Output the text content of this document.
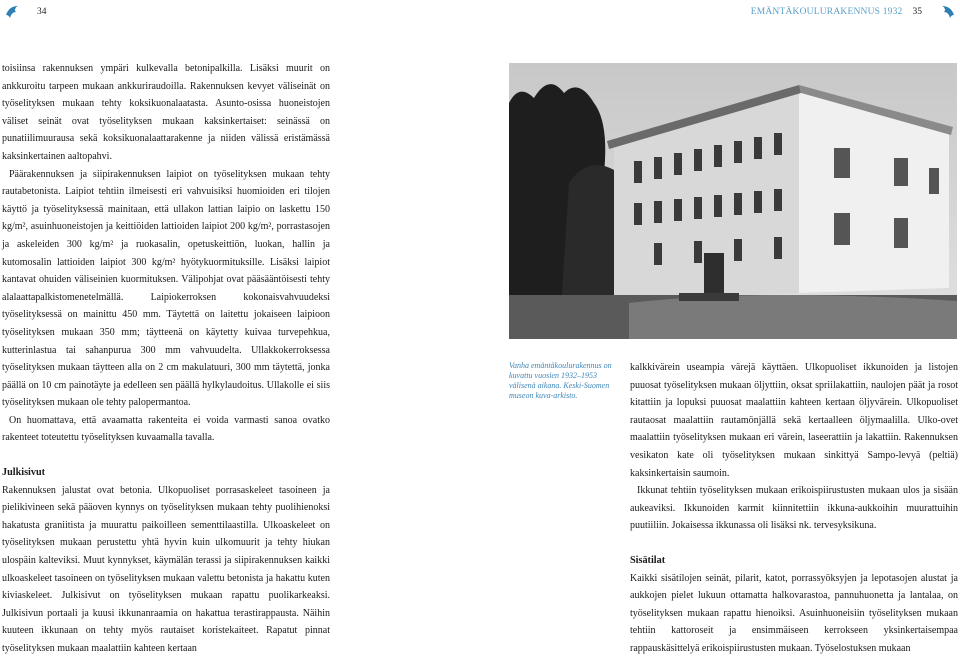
34	EMÄNTÄKOULURAKENNUS 1932 35

toisiinsa rakennuksen ympäri kulkevalla betonipalkilla. Lisäksi muurit on ankkuroitu tarpeen mukaan ankkuriraudoilla. Rakennuksen kevyet väliseinät on työselityksen mukaan tehty koksikuonalaatasta. Asunto-osissa huoneistojen väliset seinät ovat työselityksen mukaan kaksinkertaiset: seinässä on punatiilimuurausa sekä koksikuonalaattarakenne ja niiden välissä eristämässä kaksinkertainen aaltopahvi.

Päärakennuksen ja siipirakennuksen laipiot on työselityksen mukaan tehty rautabetonista. Laipiot tehtiin ilmeisesti eri vahvuisiksi huomioiden eri tilojen käyttö ja työselityksessä mainitaan, että ullakon lattian laipio on laskettu 150 kg/m², asuinhuoneistojen ja keittiöiden lattioiden laipiot 200 kg/m², porrastasojen ja askeleiden 300 kg/m² ja ruokasalin, opetuskeittiön, luokan, hallin ja kutomosalin lattioiden laipiot 300 kg/m² hyötykuormituksille. Lisäksi laipiot kantavat ohuiden väliseinien kuormituksen. Välipohjat ovat pääsääntöisesti tehty alalaattapalkistomenetelmällä. Laipiokerroksen kokonaisvahvuudeksi työselityksessä on mainittu 450 mm. Täytettä on laitettu jokaiseen laipioon työselityksen mukaan 350 mm; täytteenä on käytetty kuivaa turvepehkua, kutterinlastua tai sahanpurua 300 mm vahvuudelta. Ullakkokerroksessa työselityksen mukaan täytteen alla on 2 cm makulatuuri, 300 mm täytettä, jonka päällä on 10 cm painotäyte ja edelleen sen päällä hylkylaudoitus. Ullakolle ei siis työselityksen mukaan ole tehty palopermantoa.

On huomattava, että avaamatta rakenteita ei voida varmasti sanoa ovatko rakenteet toteutettu työselityksen kuvaamalla tavalla.

Julkisivut

Rakennuksen jalustat ovat betonia. Ulkopuoliset porrasaskeleet tasoineen ja pielikivineen sekä pääoven kynnys on työselityksen mukaan tehty puolihienoksi hakatusta graniitista ja muurattu paikoilleen sementtilaastilla. Ulkoaskeleet on työselityksen mukaan perustettu yhtä hyvin kuin ulkomuurit ja tehty hiukan ulospäin kalteviksi. Muut kynnykset, käymälän terassi ja siipirakennuksen kaikki ulkoaskeleet tasoineen on työselityksen mukaan valettu betonista ja hakattu kuten kiviaskeleet. Julkisivut on työselityksen mukaan rapattu puolikarkeaksi. Julkisivun portaali ja kuusi ikkunanraamia on hakattua terastirappausta. Näihin kuuteen ikkunaan on tehty myös rautaiset koristekaiteet. Rapatut pinnat työselityksen mukaan maalattiin kahteen kertaan

Vanha emäntäkoulurakennus on kuvattu vuosien 1932–1953 välisenä aikana. Keski-Suomen museon kuva-arkisto.

kalkkivärein useampia värejä käyttäen. Ulkopuoliset ikkunoiden ja listojen puuosat työselityksen mukaan öljyttiin, oksat spriilakattiin, naulojen päät ja rosot kitattiin ja lopuksi puuosat maalattiin kahteen kertaan öljyvärein. Ulkopuoliset rautaosat maalattiin rautamönjällä sekä kertaalleen öljymaalilla. Ulko-ovet maalattiin työselityksen mukaan eri värein, laseerattiin ja lakattiin. Rakennuksen vesikaton kate oli työselityksen mukaan sinkittyä Sampo-levyä (peltiä) kaksinkertaisin saumoin.

Ikkunat tehtiin työselityksen mukaan erikoispiirustusten mukaan ulos ja sisään aukeaviksi. Ikkunoiden karmit kiinnitettiin ikkuna-aukkoihin muurattuihin puutiiliin. Jokaisessa ikkunassa oli lisäksi nk. tervesyksikuna.

Sisätilat

Kaikki sisätilojen seinät, pilarit, katot, porrassyöksyjen ja lepotasojen alustat ja aukkojen pielet lukuun ottamatta halkovarastoa, pannuhuonetta ja lantalaa, on työselityksen mukaan rapattu hienoiksi. Asuinhuoneisiin työselityksen mukaan tehtiin kattoroseit ja ensimmäiseen kerrokseen yksinkertaisempaa rappauskäsittelyä erikoispiirustusten mukaan. Työselostuksen mukaan
